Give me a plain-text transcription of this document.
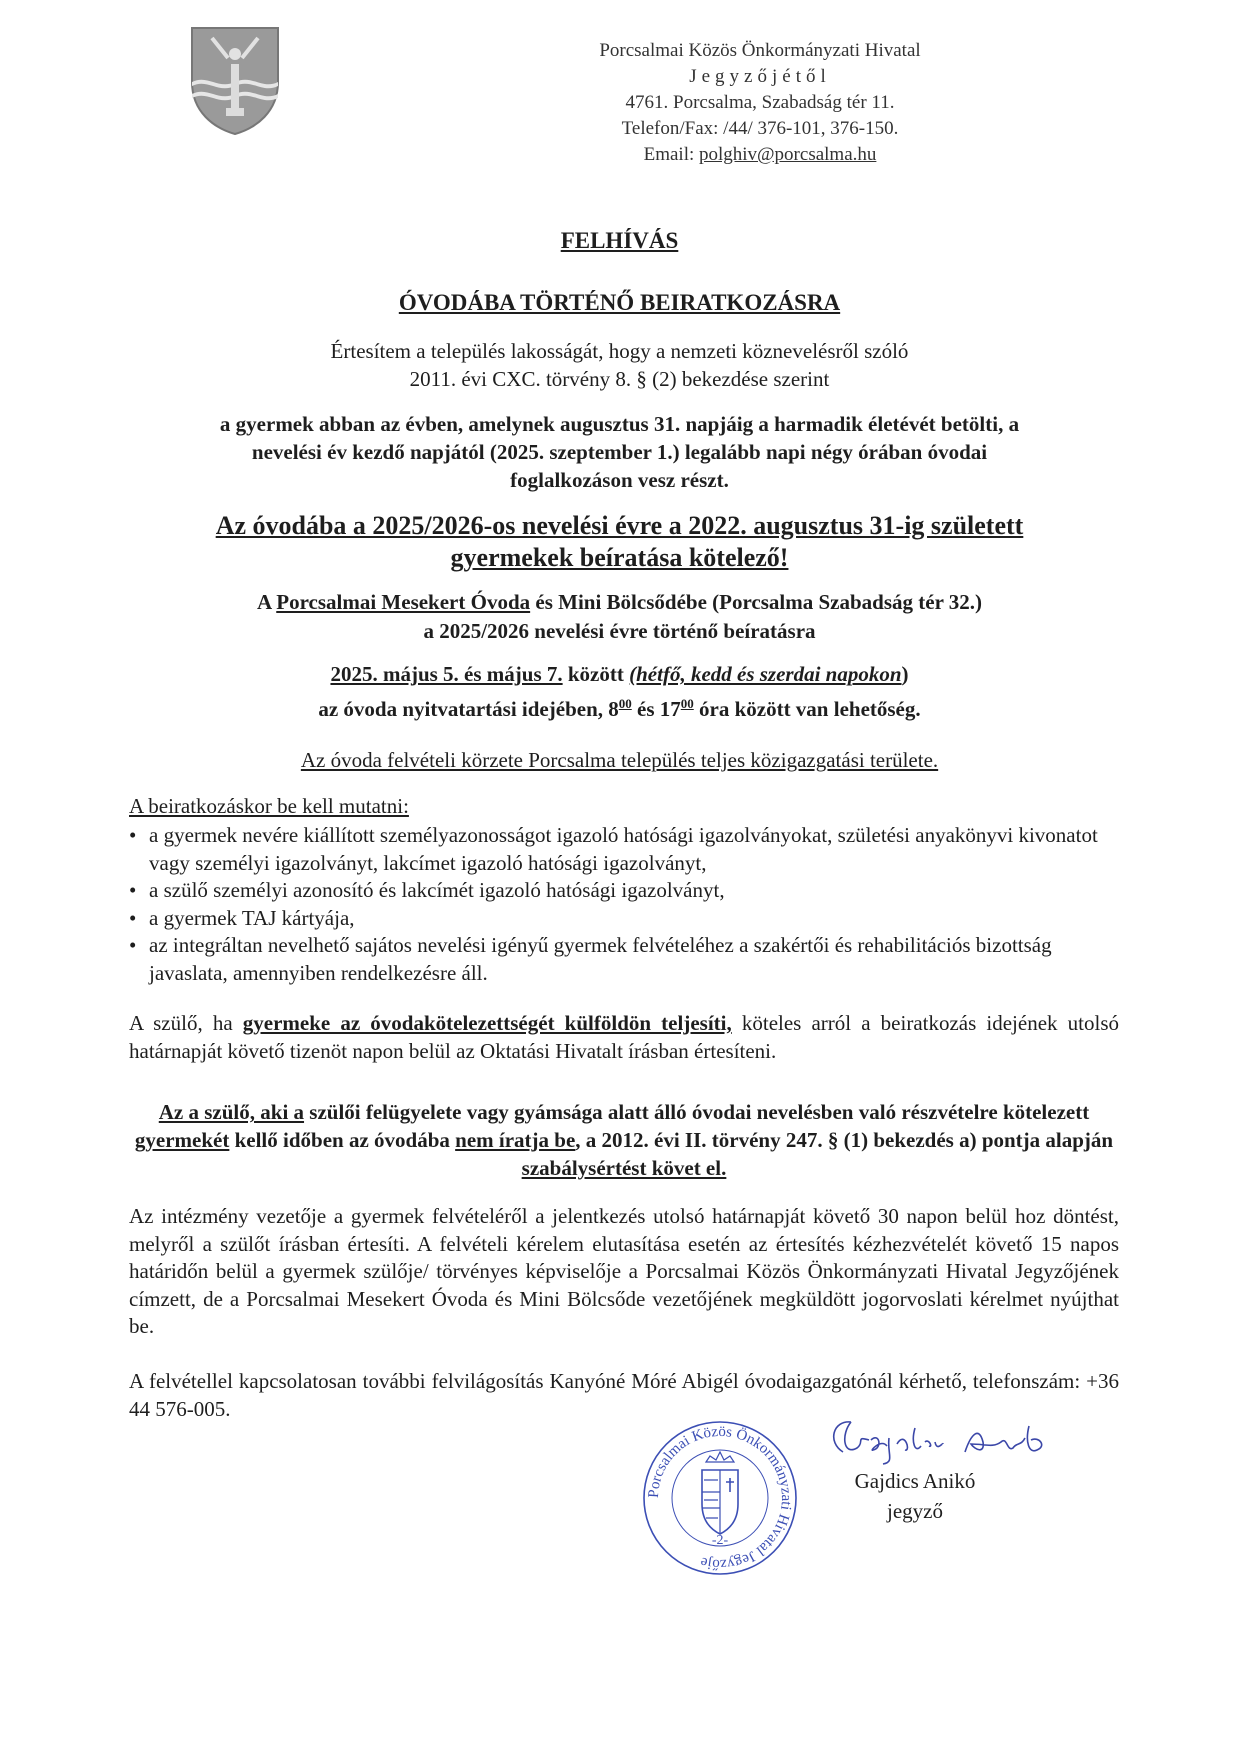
Porcsalmai Közös Önkormányzati Hivatal
Jegyzőjétől
4761. Porcsalma, Szabadság tér 11.
Telefon/Fax: /44/ 376-101, 376-150.
Email: polghiv@porcsalma.hu
FELHÍVÁS
ÓVODÁBA TÖRTÉNŐ BEIRATKOZÁSRA
Értesítem a település lakosságát, hogy a nemzeti köznevelésről szóló
2011. évi CXC. törvény 8. § (2) bekezdése szerint
a gyermek abban az évben, amelynek augusztus 31. napjáig a harmadik életévét betölti, a
nevelési év kezdő napjától (2025. szeptember 1.) legalább napi négy órában óvodai
foglalkozáson vesz részt.
Az óvodába a 2025/2026-os nevelési évre a 2022. augusztus 31-ig született
gyermekek beíratása kötelező!
A Porcsalmai Mesekert Óvoda és Mini Bölcsődébe (Porcsalma Szabadság tér 32.)
a 2025/2026 nevelési évre történő beíratásra
2025. május 5. és május 7. között (hétfő, kedd és szerdai napokon)
az óvoda nyitvatartási idejében, $8^{00}$ és $17^{00}$ óra között van lehetőség.
Az óvoda felvételi körzete Porcsalma település teljes közigazgatási területe.
A beiratkozáskor be kell mutatni:
• a gyermek nevére kiállított személyazonosságot igazoló hatósági igazolványokat, születési anyakönyvi kivonatot vagy személyi igazolványt, lakcímet igazoló hatósági igazolványt,
• a szülő személyi azonosító és lakcímét igazoló hatósági igazolványt,
• a gyermek TAJ kártyája,
• az integráltan nevelhető sajátos nevelési igényű gyermek felvételéhez a szakértői és rehabilitációs bizottság javaslata, amennyiben rendelkezésre áll.
A szülő, ha gyermeke az óvodakötelezettségét külföldön teljesíti, köteles arról a beiratkozás idejének utolsó határnapját követő tizenöt napon belül az Oktatási Hivatalt írásban értesíteni.
Az a szülő, aki a szülői felügyelete vagy gyámsága alatt álló óvodai nevelésben való részvételre kötelezett gyermekét kellő időben az óvodába nem íratja be, a 2012. évi II. törvény 247. § (1) bekezdés a) pontja alapján szabálysértést követ el.
Az intézmény vezetője a gyermek felvételéről a jelentkezés utolsó határnapját követő 30 napon belül hoz döntést, melyről a szülőt írásban értesíti. A felvételi kérelem elutasítása esetén az értesítés kézhezvételét követő 15 napos határidőn belül a gyermek szülője/ törvényes képviselője a Porcsalmai Közös Önkormányzati Hivatal Jegyzőjének címzett, de a Porcsalmai Mesekert Óvoda és Mini Bölcsőde vezetőjének megküldött jogorvoslati kérelmet nyújthat be.
A felvétellel kapcsolatosan további felvilágosítás Kanyóné Móré Abigél óvodaigazgatónál kérhető, telefonszám: +36 44 576-005.
Porcsalmai Közös Önkormányzati Hivatal Jegyzője
-2-
Gajdics Anikó
jegyző
